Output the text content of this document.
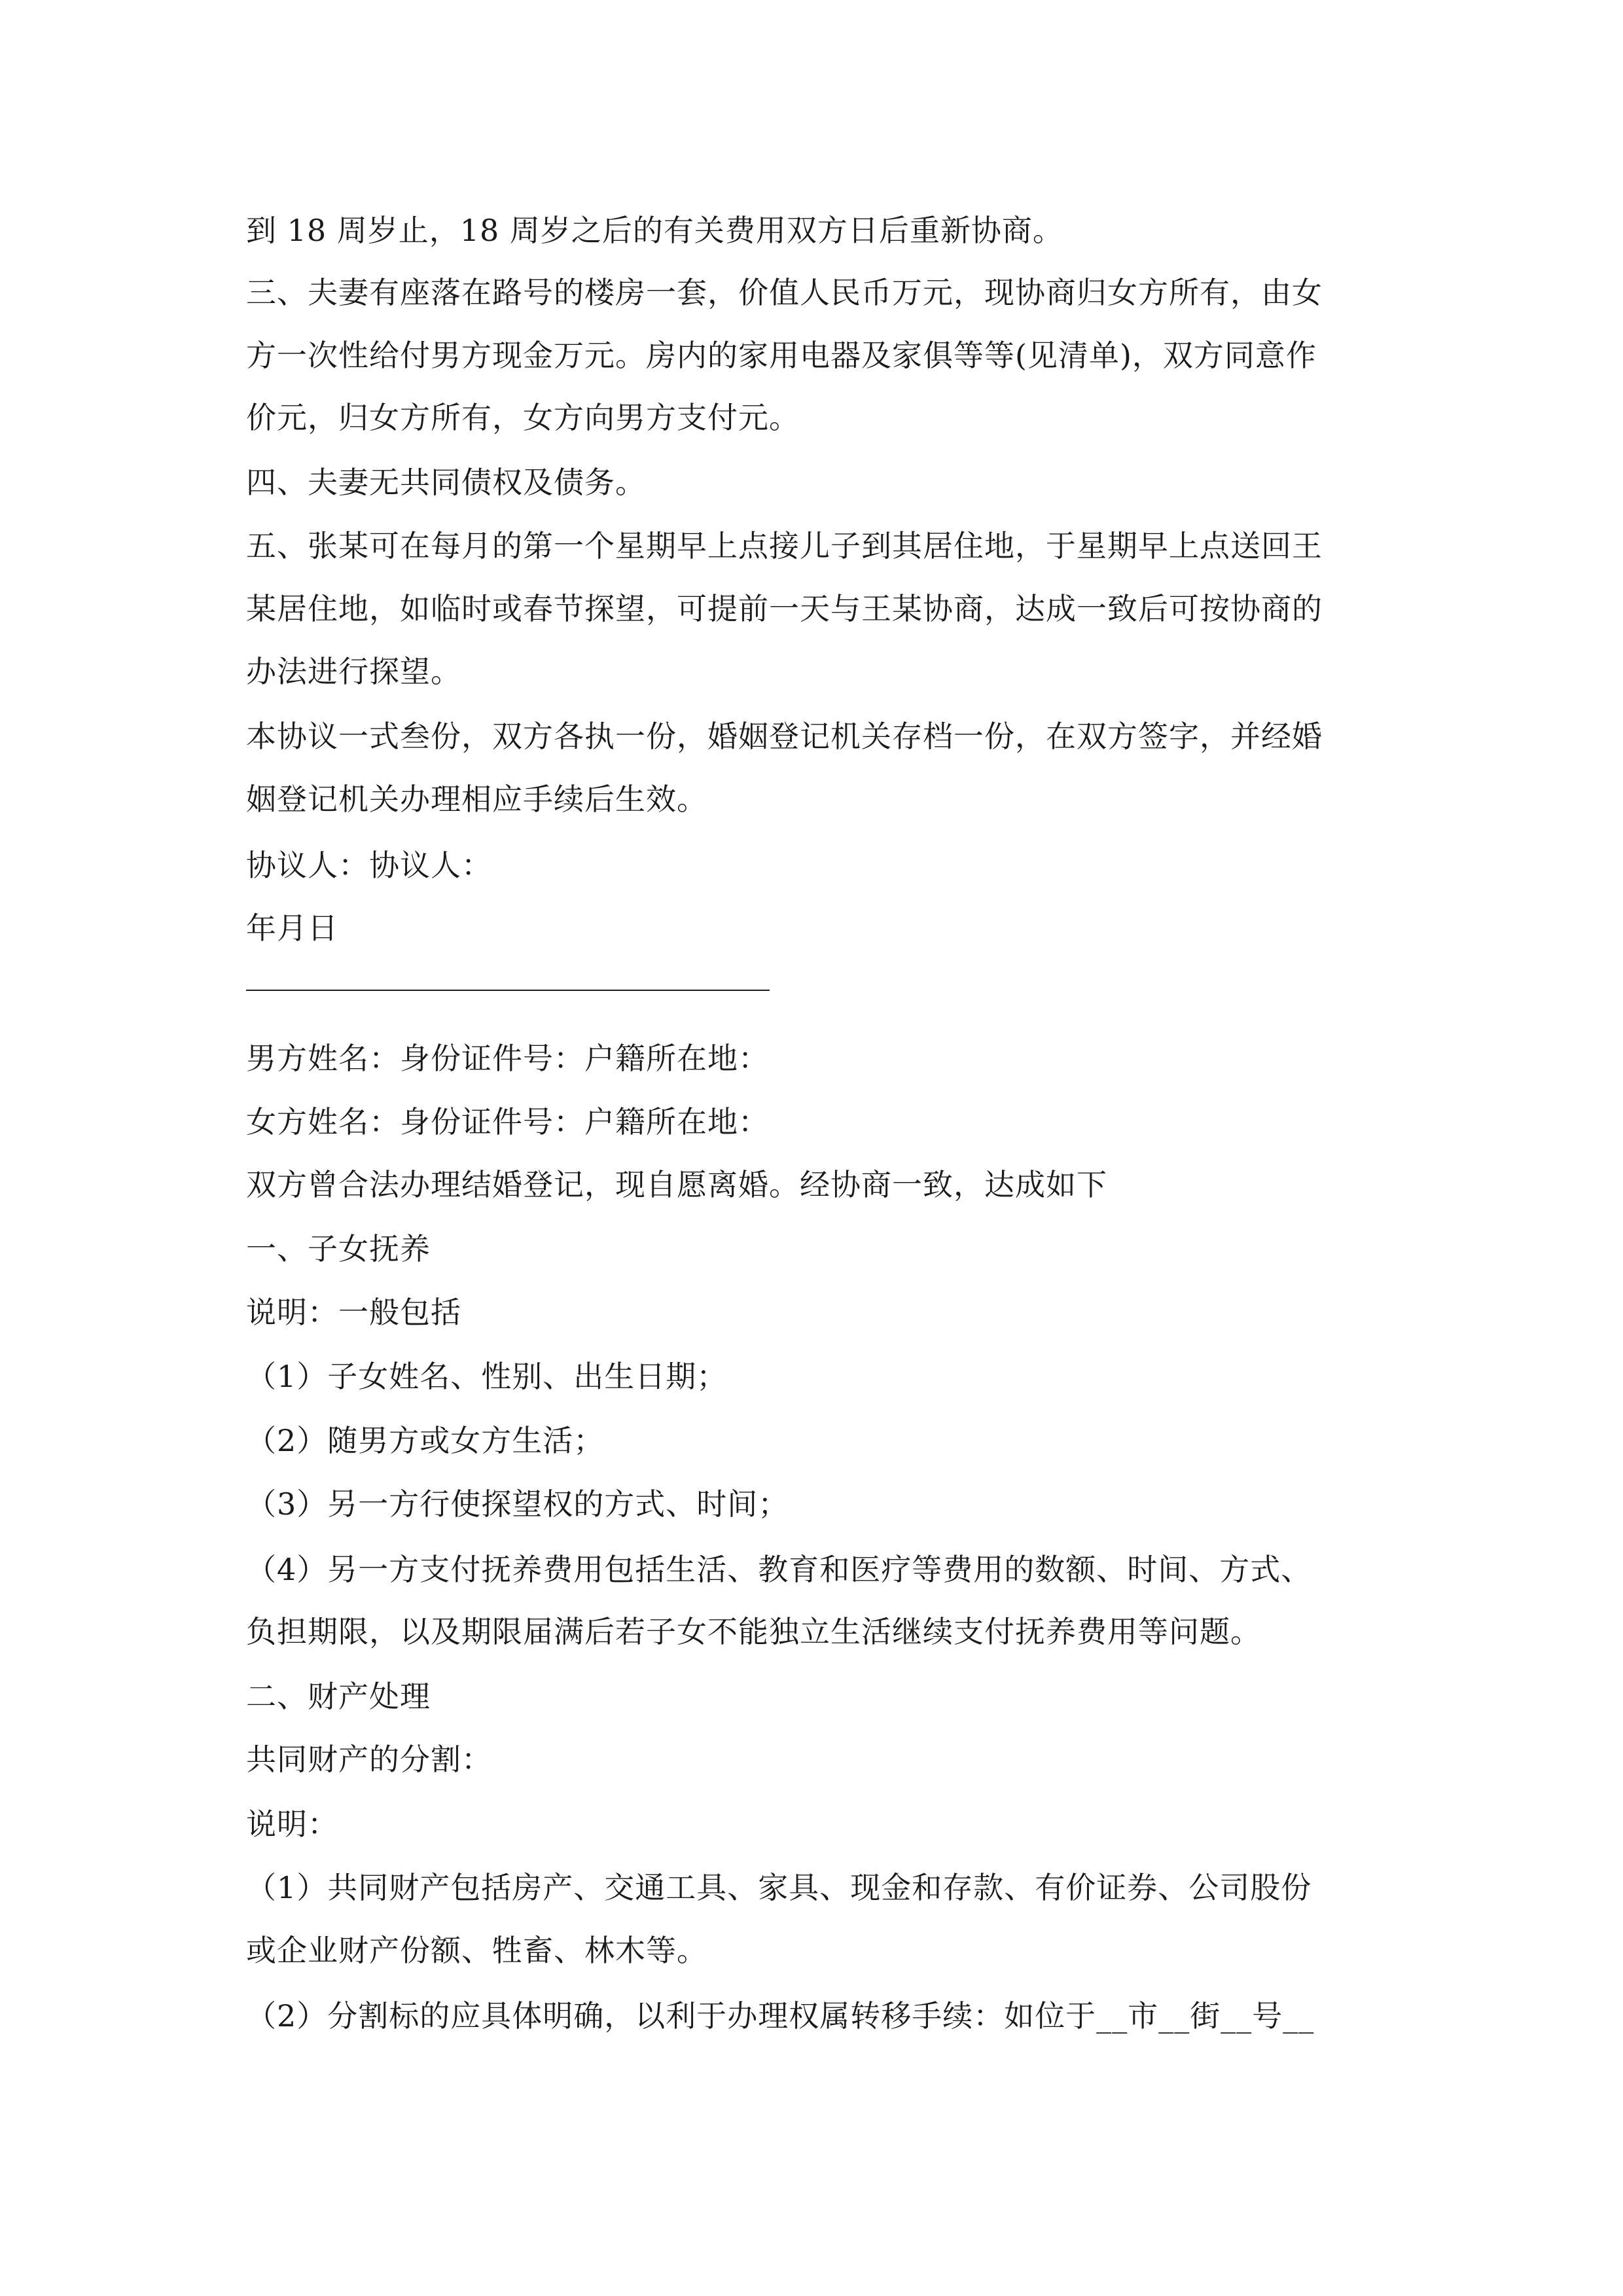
到 18 周岁止，18 周岁之后的有关费用双方日后重新协商。
三、夫妻有座落在路号的楼房一套，价值人民币万元，现协商归女方所有，由女
方一次性给付男方现金万元。房内的家用电器及家俱等等(见清单)，双方同意作
价元，归女方所有，女方向男方支付元。
四、夫妻无共同债权及债务。
五、张某可在每月的第一个星期早上点接儿子到其居住地，于星期早上点送回王
某居住地，如临时或春节探望，可提前一天与王某协商，达成一致后可按协商的
办法进行探望。
本协议一式叁份，双方各执一份，婚姻登记机关存档一份，在双方签字，并经婚
姻登记机关办理相应手续后生效。
协议人：协议人：
年月日
男方姓名：身份证件号：户籍所在地：
女方姓名：身份证件号：户籍所在地：
双方曾合法办理结婚登记，现自愿离婚。经协商一致，达成如下
一、子女抚养
说明：一般包括
（1）子女姓名、性别、出生日期；
（2）随男方或女方生活；
（3）另一方行使探望权的方式、时间；
（4）另一方支付抚养费用包括生活、教育和医疗等费用的数额、时间、方式、
负担期限，以及期限届满后若子女不能独立生活继续支付抚养费用等问题。
二、财产处理
共同财产的分割：
说明：
（1）共同财产包括房产、交通工具、家具、现金和存款、有价证券、公司股份
或企业财产份额、牲畜、林木等。
（2）分割标的应具体明确，以利于办理权属转移手续：如位于__市__街__号__
